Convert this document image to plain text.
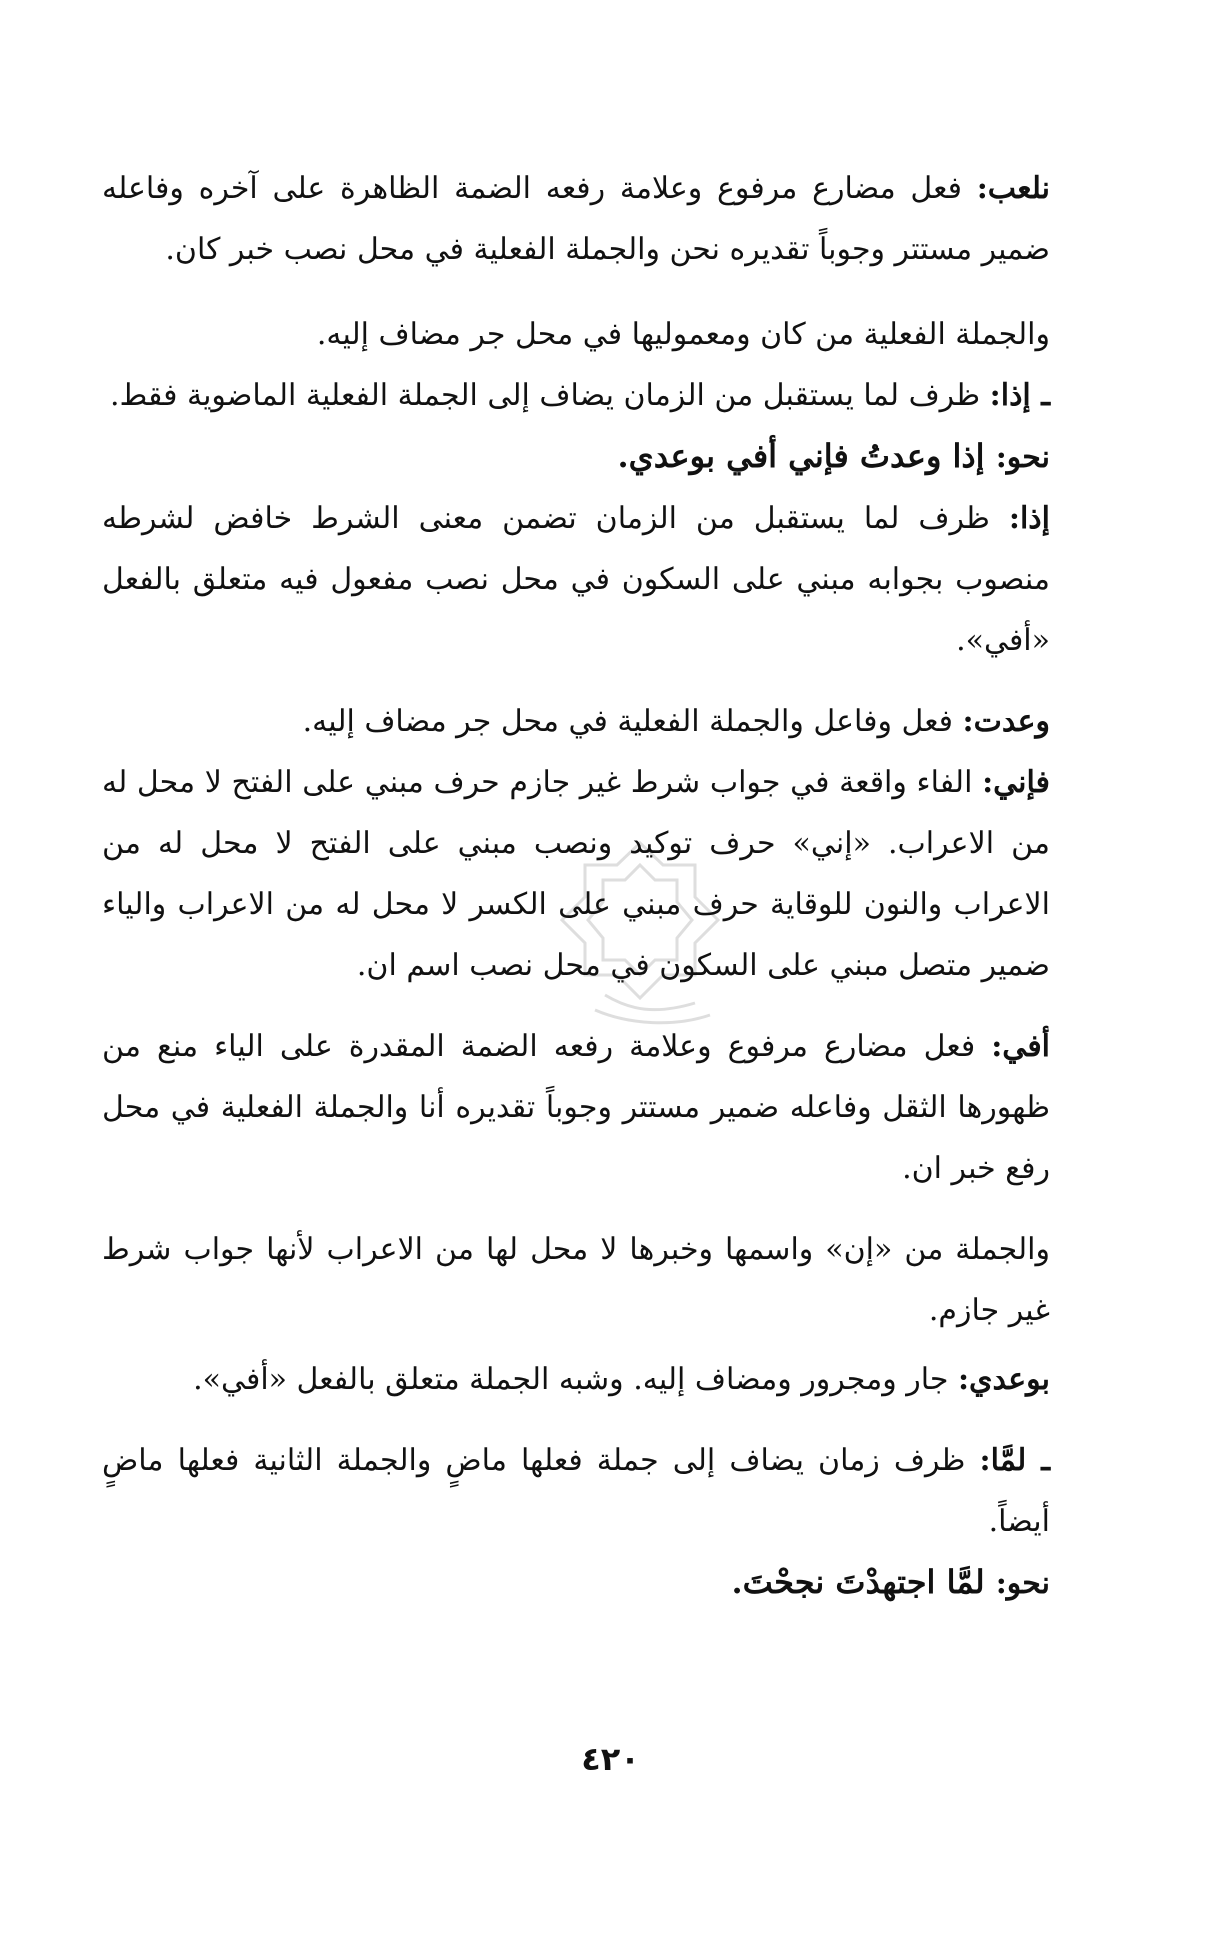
نلعب: فعل مضارع مرفوع وعلامة رفعه الضمة الظاهرة على آخره وفاعله ضمير مستتر وجوباً تقديره نحن والجملة الفعلية في محل نصب خبر كان.

والجملة الفعلية من كان ومعموليها في محل جر مضاف إليه.

ـ إذا: ظرف لما يستقبل من الزمان يضاف إلى الجملة الفعلية الماضوية فقط.

نحو: إذا وعدتُ فإني أفي بوعدي.

إذا: ظرف لما يستقبل من الزمان تضمن معنى الشرط خافض لشرطه منصوب بجوابه مبني على السكون في محل نصب مفعول فيه متعلق بالفعل «أفي».

وعدت: فعل وفاعل والجملة الفعلية في محل جر مضاف إليه.

فإني: الفاء واقعة في جواب شرط غير جازم حرف مبني على الفتح لا محل له من الاعراب. «إني» حرف توكيد ونصب مبني على الفتح لا محل له من الاعراب والنون للوقاية حرف مبني على الكسر لا محل له من الاعراب والياء ضمير متصل مبني على السكون في محل نصب اسم ان.

أفي: فعل مضارع مرفوع وعلامة رفعه الضمة المقدرة على الياء منع من ظهورها الثقل وفاعله ضمير مستتر وجوباً تقديره أنا والجملة الفعلية في محل رفع خبر ان.

والجملة من «إن» واسمها وخبرها لا محل لها من الاعراب لأنها جواب شرط غير جازم.

بوعدي: جار ومجرور ومضاف إليه. وشبه الجملة متعلق بالفعل «أفي».

ـ لمَّا: ظرف زمان يضاف إلى جملة فعلها ماضٍ والجملة الثانية فعلها ماضٍ أيضاً.

نحو: لمَّا اجتهدْتَ نجحْتَ.

٤٢٠
